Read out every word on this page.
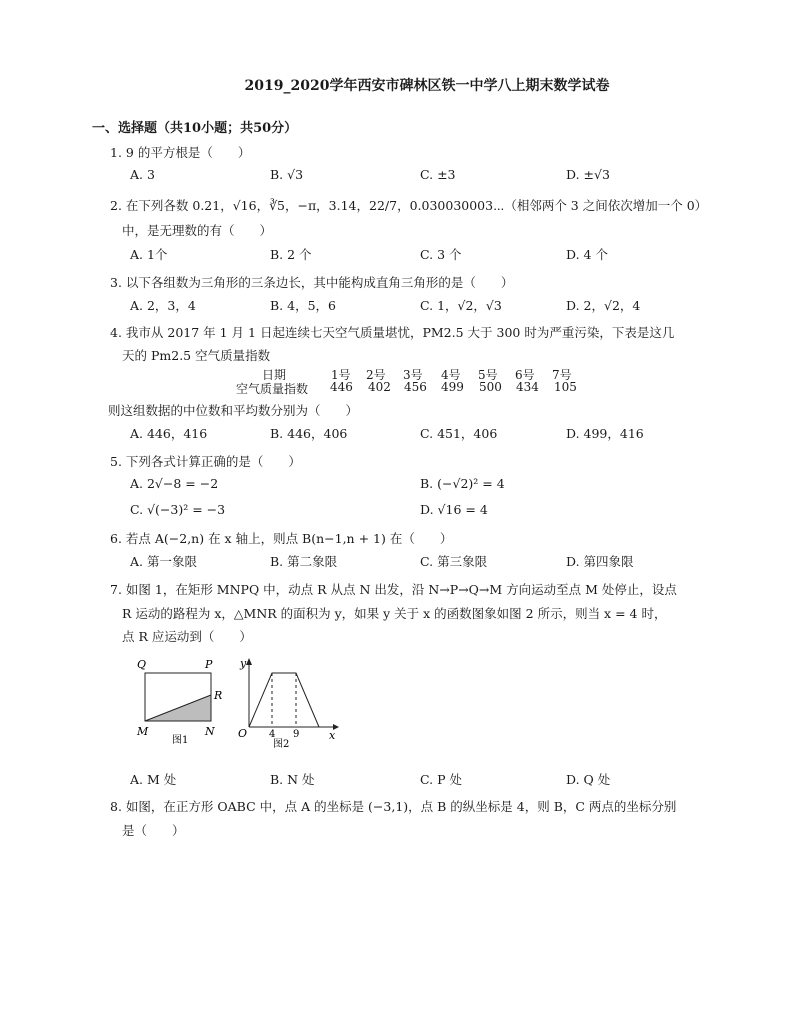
2019_2020学年西安市碑林区铁一中学八上期末数学试卷
一、选择题（共10小题；共50分）
1. 9 的平方根是（　　）
A. 3	B. √3	C. ±3	D. ±√3
2. 在下列各数 0.21，√16，∛5，−π，3.14，22/7，0.030030003⋯（相邻两个 3 之间依次增加一个 0）
中，是无理数的有（　　）
A. 1个	B. 2 个	C. 3 个	D. 4 个
3. 以下各组数为三角形的三条边长，其中能构成直角三角形的是（　　）
A. 2，3，4	B. 4，5，6	C. 1，√2，√3	D. 2，√2，4
4. 我市从 2017 年 1 月 1 日起连续七天空气质量堪忧，PM2.5 大于 300 时为严重污染，下表是这几
天的 Pm2.5 空气质量指数
日期	1号 2号 3号 4号 5号 6号 7号
空气质量指数 446 402 456 499 500 434 105
则这组数据的中位数和平均数分别为（　　）
A. 446，416	B. 446，406	C. 451，406	D. 499，416
5. 下列各式计算正确的是（　　）
A. 2√−8 = −2	B. (−√2)² = 4
C. √(−3)² = −3	D. √16 = 4
6. 若点 A(−2,n) 在 x 轴上，则点 B(n−1,n + 1) 在（　　）
A. 第一象限	B. 第二象限	C. 第三象限	D. 第四象限
7. 如图 1，在矩形 MNPQ 中，动点 R 从点 N 出发，沿 N→P→Q→M 方向运动至点 M 处停止，设点
R 运动的路程为 x，△MNR 的面积为 y，如果 y 关于 x 的函数图象如图 2 所示，则当 x = 4 时，
点 R 应运动到（　　）
Q	P
R
M	N
图1
y
x
O 4 9
图2
A. M 处	B. N 处	C. P 处	D. Q 处
8. 如图，在正方形 OABC 中，点 A 的坐标是 (−3,1)，点 B 的纵坐标是 4，则 B，C 两点的坐标分别
是（　　）
